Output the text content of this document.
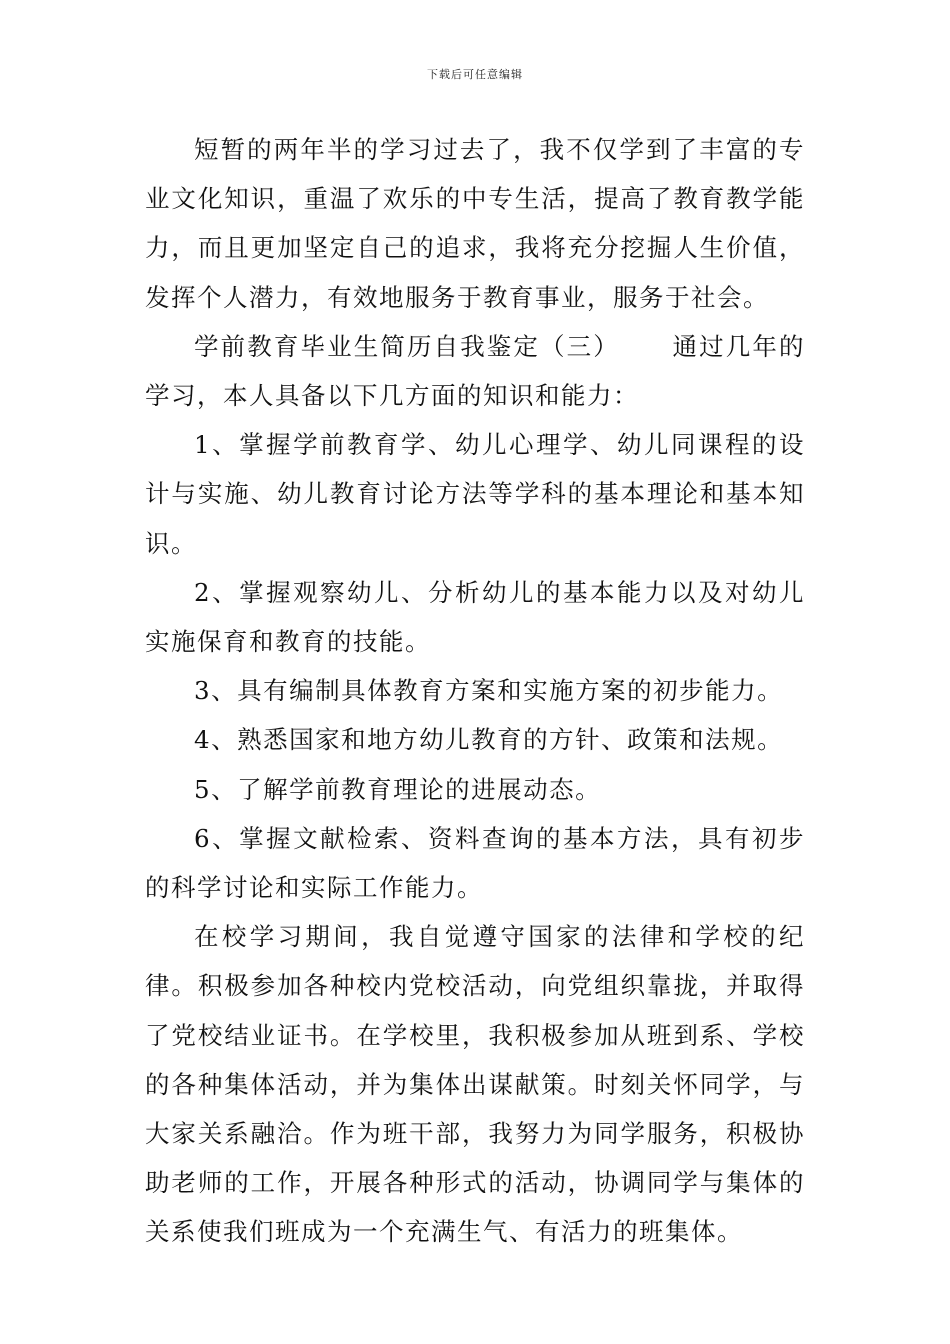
下载后可任意编辑

短暂的两年半的学习过去了，我不仅学到了丰富的专业文化知识，重温了欢乐的中专生活，提高了教育教学能力，而且更加坚定自己的追求，我将充分挖掘人生价值，发挥个人潜力，有效地服务于教育事业，服务于社会。

学前教育毕业生简历自我鉴定（三） 通过几年的学习，本人具备以下几方面的知识和能力：

1、掌握学前教育学、幼儿心理学、幼儿同课程的设计与实施、幼儿教育讨论方法等学科的基本理论和基本知识。

2、掌握观察幼儿、分析幼儿的基本能力以及对幼儿实施保育和教育的技能。

3、具有编制具体教育方案和实施方案的初步能力。

4、熟悉国家和地方幼儿教育的方针、政策和法规。

5、了解学前教育理论的进展动态。

6、掌握文献检索、资料查询的基本方法，具有初步的科学讨论和实际工作能力。

在校学习期间，我自觉遵守国家的法律和学校的纪律。积极参加各种校内党校活动，向党组织靠拢，并取得了党校结业证书。在学校里，我积极参加从班到系、学校的各种集体活动，并为集体出谋献策。时刻关怀同学，与大家关系融洽。作为班干部，我努力为同学服务，积极协助老师的工作，开展各种形式的活动，协调同学与集体的关系使我们班成为一个充满生气、有活力的班集体。
